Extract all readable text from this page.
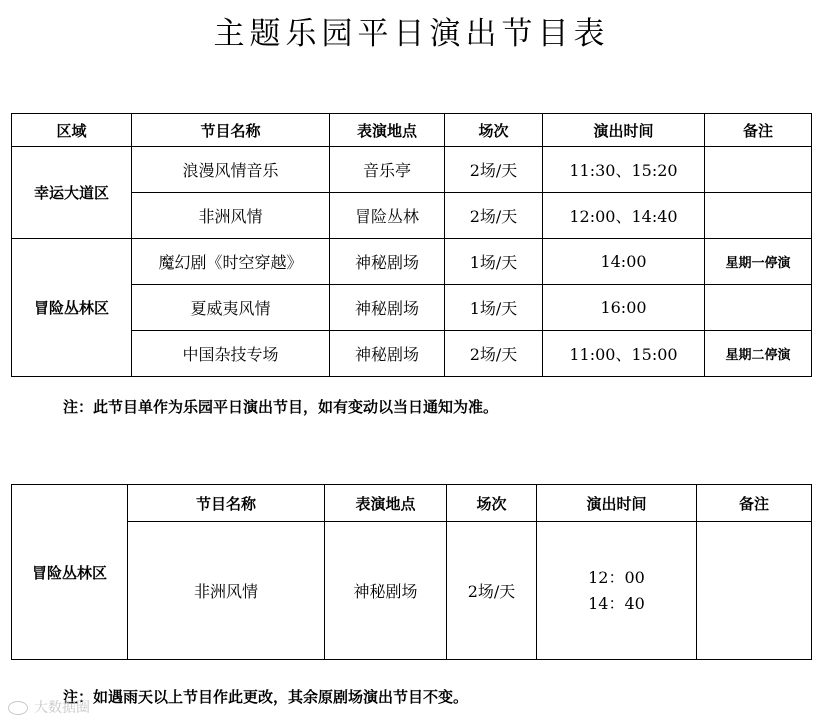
主题乐园平日演出节目表
区域	节目名称	表演地点	场次	演出时间	备注
幸运大道区	浪漫风情音乐	音乐亭	2场/天	11:30、15:20	
	非洲风情	冒险丛林	2场/天	12:00、14:40	
冒险丛林区	魔幻剧《时空穿越》	神秘剧场	1场/天	14:00	星期一停演
	夏威夷风情	神秘剧场	1场/天	16:00	
	中国杂技专场	神秘剧场	2场/天	11:00、15:00	星期二停演
注：此节目单作为乐园平日演出节目，如有变动以当日通知为准。
冒险丛林区	节目名称	表演地点	场次	演出时间	备注
	非洲风情	神秘剧场	2场/天	12：00
14：40	

注：如遇雨天以上节目作此更改，其余原剧场演出节目不变。
大数据圈
